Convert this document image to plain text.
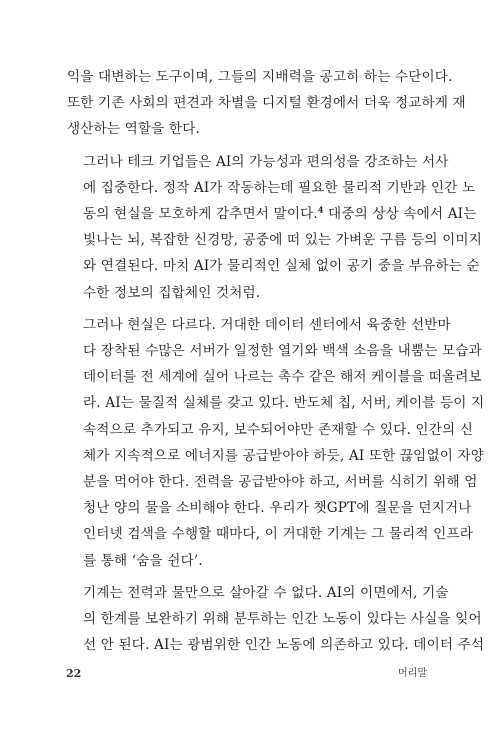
익을 대변하는 도구이며, 그들의 지배력을 공고히 하는 수단이다.
또한 기존 사회의 편견과 차별을 디지털 환경에서 더욱 정교하게 재
생산하는 역할을 한다.

그러나 테크 기업들은 AI의 가능성과 편의성을 강조하는 서사
에 집중한다. 정작 AI가 작동하는데 필요한 물리적 기반과 인간 노
동의 현실을 모호하게 감추면서 말이다.$^4$ 대중의 상상 속에서 AI는
빛나는 뇌, 복잡한 신경망, 공중에 떠 있는 가벼운 구름 등의 이미지
와 연결된다. 마치 AI가 물리적인 실체 없이 공기 중을 부유하는 순
수한 정보의 집합체인 것처럼.

그러나 현실은 다르다. 거대한 데이터 센터에서 육중한 선반마
다 장착된 수많은 서버가 일정한 열기와 백색 소음을 내뿜는 모습과
데이터를 전 세계에 실어 나르는 촉수 같은 해저 케이블을 떠올려보
라. AI는 물질적 실체를 갖고 있다. 반도체 칩, 서버, 케이블 등이 지
속적으로 추가되고 유지, 보수되어야만 존재할 수 있다. 인간의 신
체가 지속적으로 에너지를 공급받아야 하듯, AI 또한 끊임없이 자양
분을 먹어야 한다. 전력을 공급받아야 하고, 서버를 식히기 위해 엄
청난 양의 물을 소비해야 한다. 우리가 챗GPT에 질문을 던지거나
인터넷 검색을 수행할 때마다, 이 거대한 기계는 그 물리적 인프라
를 통해 ‘숨을 쉰다’.

기계는 전력과 물만으로 살아갈 수 없다. AI의 이면에서, 기술
의 한계를 보완하기 위해 분투하는 인간 노동이 있다는 사실을 잊어
선 안 된다. AI는 광범위한 인간 노동에 의존하고 있다. 데이터 주석

22	머리말
